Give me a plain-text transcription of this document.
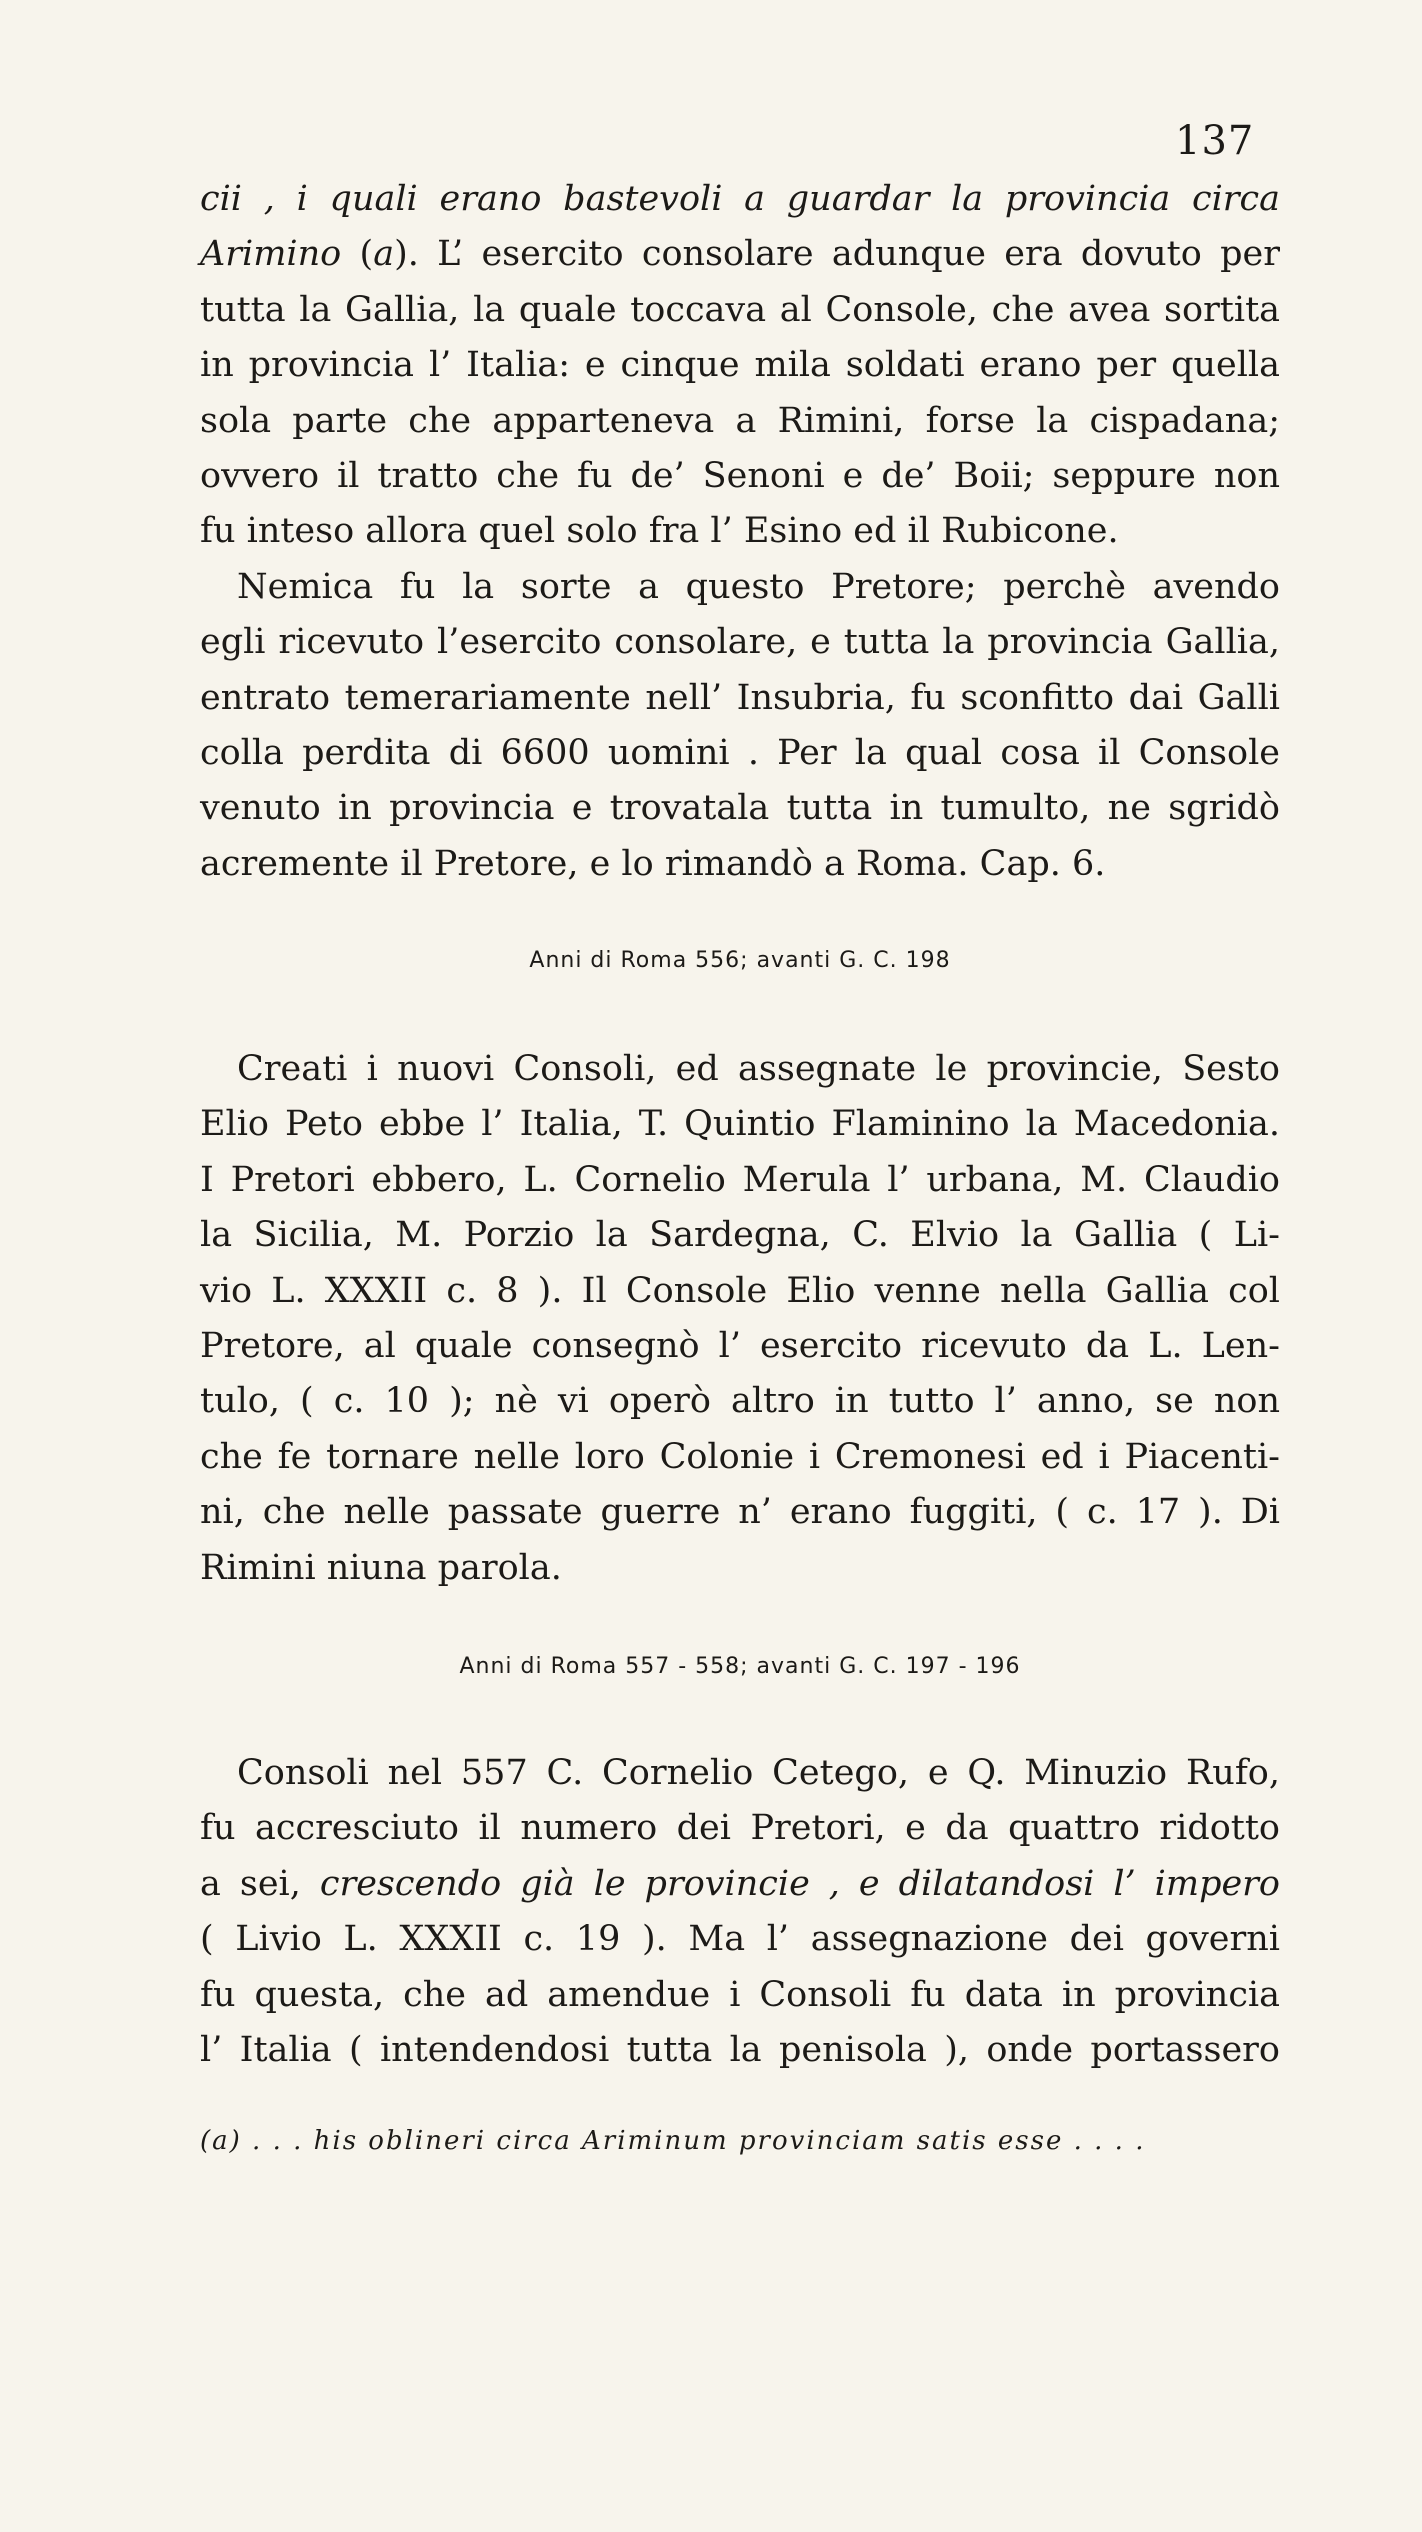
137
cii , i quali erano bastevoli a guardar la provincia circa
Arimino (a). L’ esercito consolare adunque era dovuto per
tutta la Gallia, la quale toccava al Console, che avea sortita
in provincia l’ Italia: e cinque mila soldati erano per quella
sola parte che apparteneva a Rimini, forse la cispadana;
ovvero il tratto che fu de’ Senoni e de’ Boii; seppure non
fu inteso allora quel solo fra l’ Esino ed il Rubicone.
Nemica fu la sorte a questo Pretore; perchè avendo
egli ricevuto l’esercito consolare, e tutta la provincia Gallia,
entrato temerariamente nell’ Insubria, fu sconfitto dai Galli
colla perdita di 6600 uomini . Per la qual cosa il Console
venuto in provincia e trovatala tutta in tumulto, ne sgridò
acremente il Pretore, e lo rimandò a Roma. Cap. 6.
Anni di Roma 556; avanti G. C. 198
Creati i nuovi Consoli, ed assegnate le provincie, Sesto
Elio Peto ebbe l’ Italia, T. Quintio Flaminino la Macedonia.
I Pretori ebbero, L. Cornelio Merula l’ urbana, M. Claudio
la Sicilia, M. Porzio la Sardegna, C. Elvio la Gallia ( Li-
vio L. XXXII c. 8 ). Il Console Elio venne nella Gallia col
Pretore, al quale consegnò l’ esercito ricevuto da L. Len-
tulo, ( c. 10 ); nè vi operò altro in tutto l’ anno, se non
che fe tornare nelle loro Colonie i Cremonesi ed i Piacenti-
ni, che nelle passate guerre n’ erano fuggiti, ( c. 17 ). Di
Rimini niuna parola.
Anni di Roma 557 - 558; avanti G. C. 197 - 196
Consoli nel 557 C. Cornelio Cetego, e Q. Minuzio Rufo,
fu accresciuto il numero dei Pretori, e da quattro ridotto
a sei, crescendo già le provincie , e dilatandosi l’ impero
( Livio L. XXXII c. 19 ). Ma l’ assegnazione dei governi
fu questa, che ad amendue i Consoli fu data in provincia
l’ Italia ( intendendosi tutta la penisola ), onde portassero
(a) . . . his oblineri circa Ariminum provinciam satis esse . . . .
